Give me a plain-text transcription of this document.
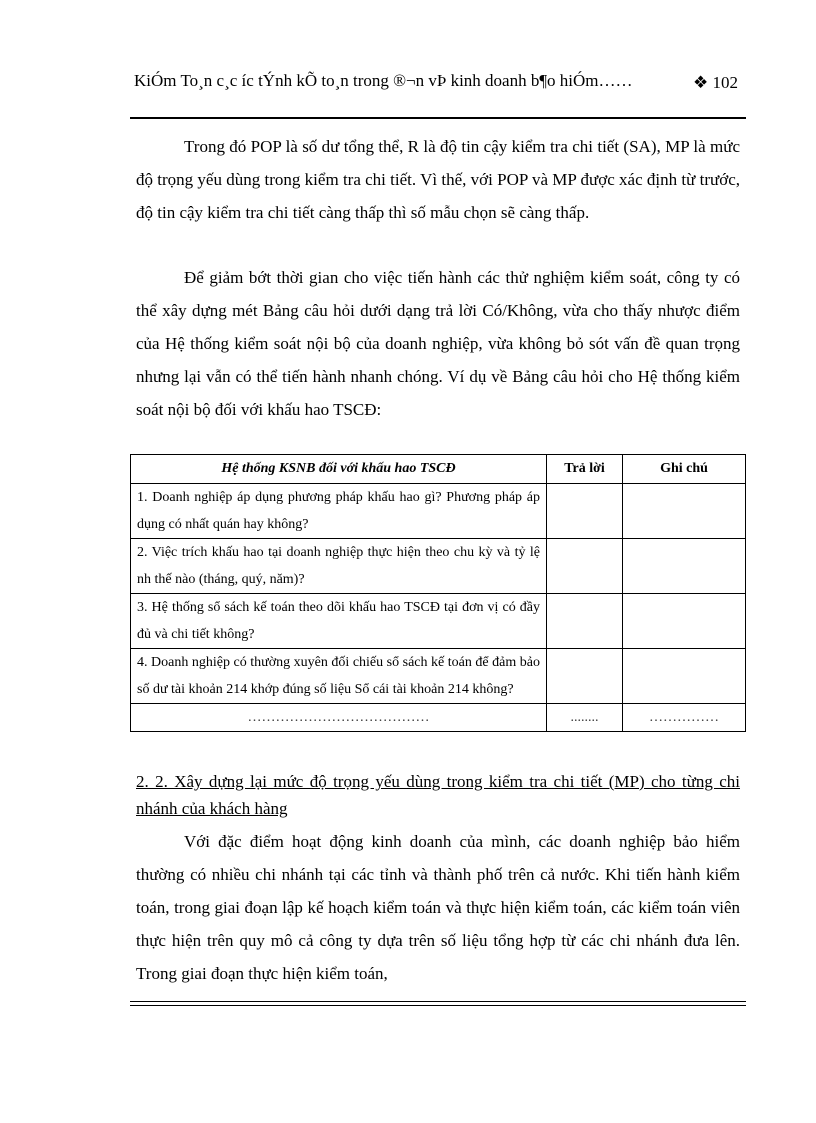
KiÓm To¸n c¸c íc tÝnh kÕ to¸n trong ®¬n vÞ kinh doanh b¶o hiÓm……	❖ 102

Trong đó POP là số dư tổng thể, R là độ tin cậy kiểm tra chi tiết (SA), MP là mức độ trọng yếu dùng trong kiểm tra chi tiết. Vì thế, với POP và MP được xác định từ trước, độ tin cậy kiểm tra chi tiết càng thấp thì số mẫu chọn sẽ càng thấp.

Để giảm bớt thời gian cho việc tiến hành các thử nghiệm kiểm soát, công ty có thể xây dựng mét Bảng câu hỏi dưới dạng trả lời Có/Không, vừa cho thấy nhược điểm của Hệ thống kiểm soát nội bộ của doanh nghiệp, vừa không bỏ sót vấn đề quan trọng nhưng lại vẫn có thể tiến hành nhanh chóng. Ví dụ về Bảng câu hỏi cho Hệ thống kiểm soát nội bộ đối với khấu hao TSCĐ:

Hệ thống KSNB đối với khấu hao TSCĐ	Trả lời	Ghi chú
1. Doanh nghiệp áp dụng phương pháp khấu hao gì? Phương pháp áp dụng có nhất quán hay không?		
2. Việc trích khấu hao tại doanh nghiệp thực hiện theo chu kỳ và tỷ lệ nh thế nào (tháng, quý, năm)?		
3. Hệ thống sổ sách kế toán theo dõi khấu hao TSCĐ tại đơn vị có đầy đủ và chi tiết không?		
4. Doanh nghiệp có thường xuyên đối chiếu sổ sách kế toán để đảm bảo số dư tài khoản 214 khớp đúng số liệu Sổ cái tài khoản 214 không?		
…………………………………	........	……………
2. 2. Xây dựng lại mức độ trọng yếu dùng trong kiểm tra chi tiết (MP) cho từng chi nhánh của khách hàng

Với đặc điểm hoạt động kinh doanh của mình, các doanh nghiệp bảo hiểm thường có nhiều chi nhánh tại các tỉnh và thành phố trên cả nước. Khi tiến hành kiểm toán, trong giai đoạn lập kế hoạch kiểm toán và thực hiện kiểm toán, các kiểm toán viên thực hiện trên quy mô cả công ty dựa trên số liệu tổng hợp từ các chi nhánh đưa lên. Trong giai đoạn thực hiện kiểm toán,
